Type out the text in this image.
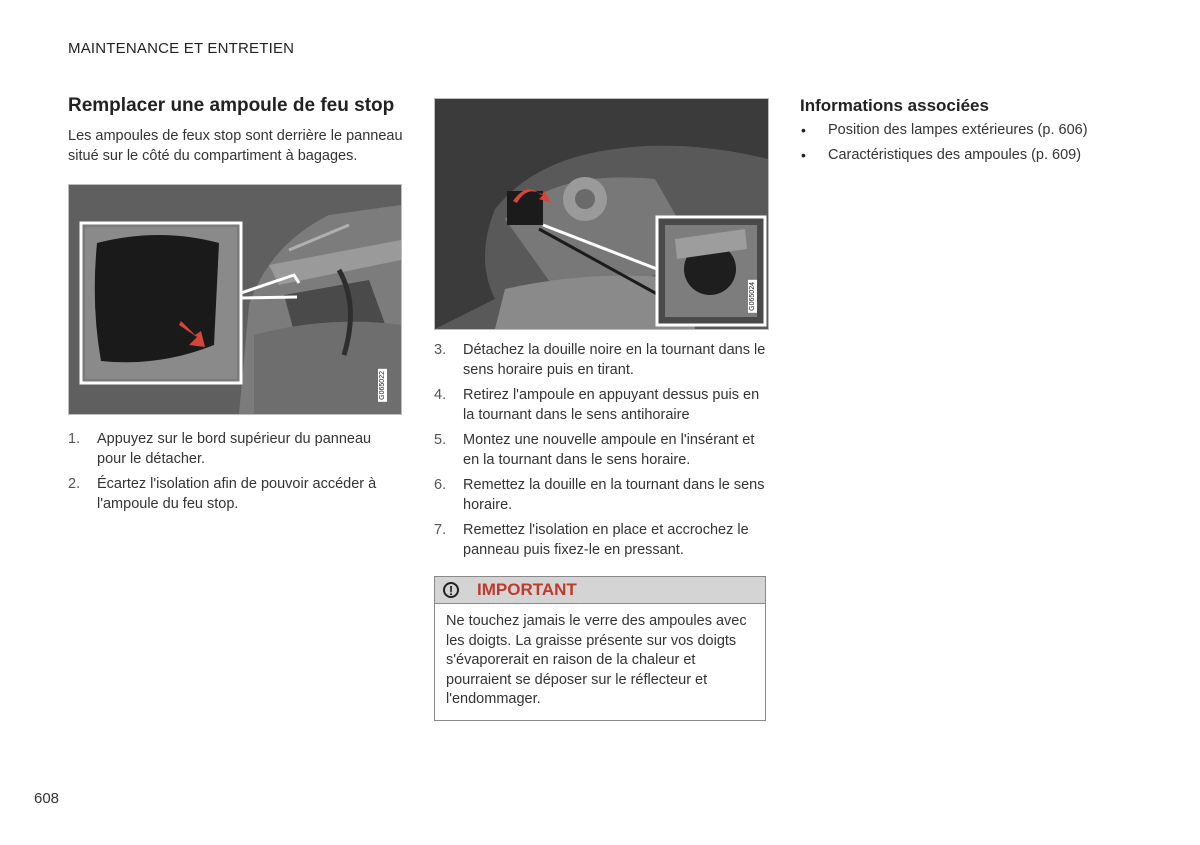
MAINTENANCE ET ENTRETIEN
Remplacer une ampoule de feu stop

Les ampoules de feux stop sont derrière le panneau situé sur le côté du compartiment à bagages.

G065022
1. Appuyez sur le bord supérieur du panneau pour le détacher.
2. Écartez l'isolation afin de pouvoir accéder à l'ampoule du feu stop.
G065024
3. Détachez la douille noire en la tournant dans le sens horaire puis en tirant.
4. Retirez l'ampoule en appuyant dessus puis en la tournant dans le sens antihoraire
5. Montez une nouvelle ampoule en l'insérant et en la tournant dans le sens horaire.
6. Remettez la douille en la tournant dans le sens horaire.
7. Remettez l'isolation en place et accrochez le panneau puis fixez-le en pressant.
!	IMPORTANT
Ne touchez jamais le verre des ampoules avec les doigts. La graisse présente sur vos doigts s'évaporerait en raison de la chaleur et pourraient se déposer sur le réflecteur et l'endommager.
Informations associées
• Position des lampes extérieures (p. 606)
• Caractéristiques des ampoules (p. 609)
608
